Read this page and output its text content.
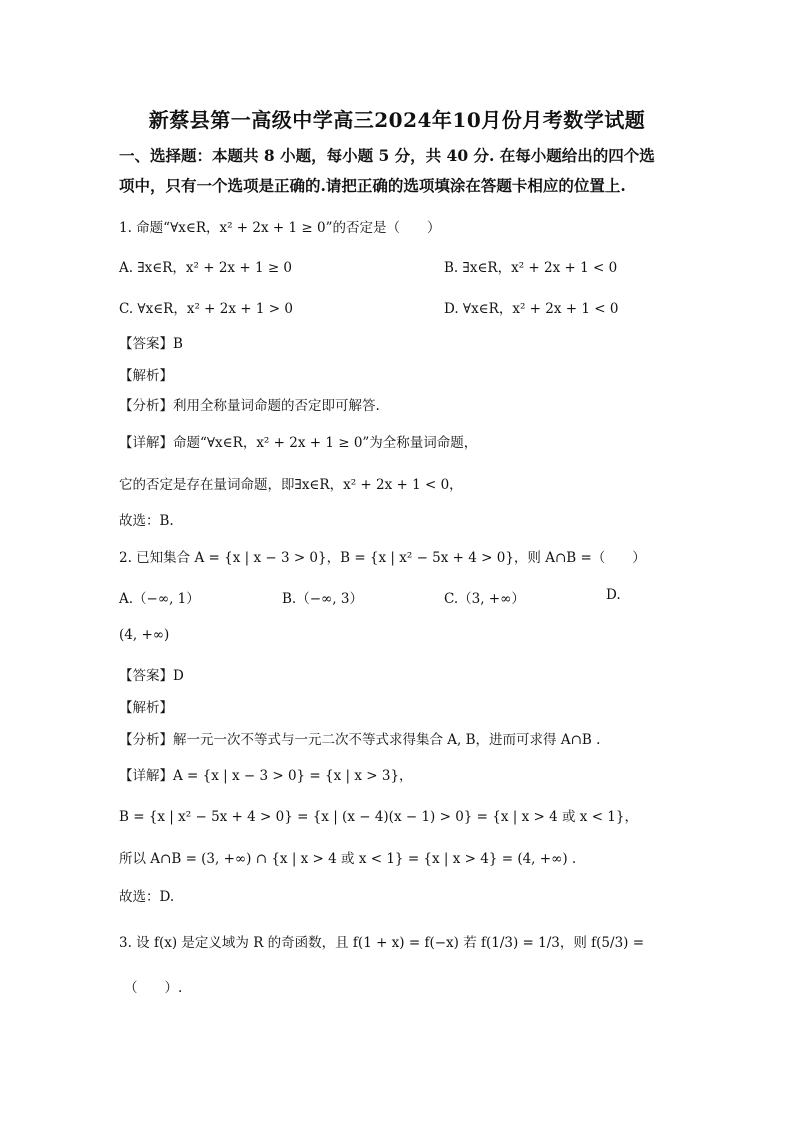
新蔡县第一高级中学高三2024年10月份月考数学试题
一、选择题：本题共 8 小题，每小题 5 分，共 40 分. 在每小题给出的四个选
项中，只有一个选项是正确的.请把正确的选项填涂在答题卡相应的位置上.
1. 命题“∀x∈R，x² + 2x + 1 ≥ 0”的否定是（　　）
A. ∃x∈R，x² + 2x + 1 ≥ 0	B. ∃x∈R，x² + 2x + 1 < 0
C. ∀x∈R，x² + 2x + 1 > 0	D. ∀x∈R，x² + 2x + 1 < 0
【答案】B
【解析】
【分析】利用全称量词命题的否定即可解答.
【详解】命题“∀x∈R，x² + 2x + 1 ≥ 0”为全称量词命题，
它的否定是存在量词命题，即∃x∈R，x² + 2x + 1 < 0，
故选：B.
2. 已知集合 A = {x | x − 3 > 0}，B = {x | x² − 5x + 4 > 0}，则 A∩B =（　　）
A.（−∞, 1）	B.（−∞, 3）	C.（3, +∞）	D.
(4, +∞)
【答案】D
【解析】
【分析】解一元一次不等式与一元二次不等式求得集合 A, B，进而可求得 A∩B .
【详解】A = {x | x − 3 > 0} = {x | x > 3}，
B = {x | x² − 5x + 4 > 0} = {x | (x − 4)(x − 1) > 0} = {x | x > 4 或 x < 1}，
所以 A∩B = (3, +∞) ∩ {x | x > 4 或 x < 1} = {x | x > 4} = (4, +∞) .
故选：D.
3. 设 f(x) 是定义域为 R 的奇函数，且 f(1 + x) = f(−x) 若 f(1/3) = 1/3，则 f(5/3) =
（　　）.
